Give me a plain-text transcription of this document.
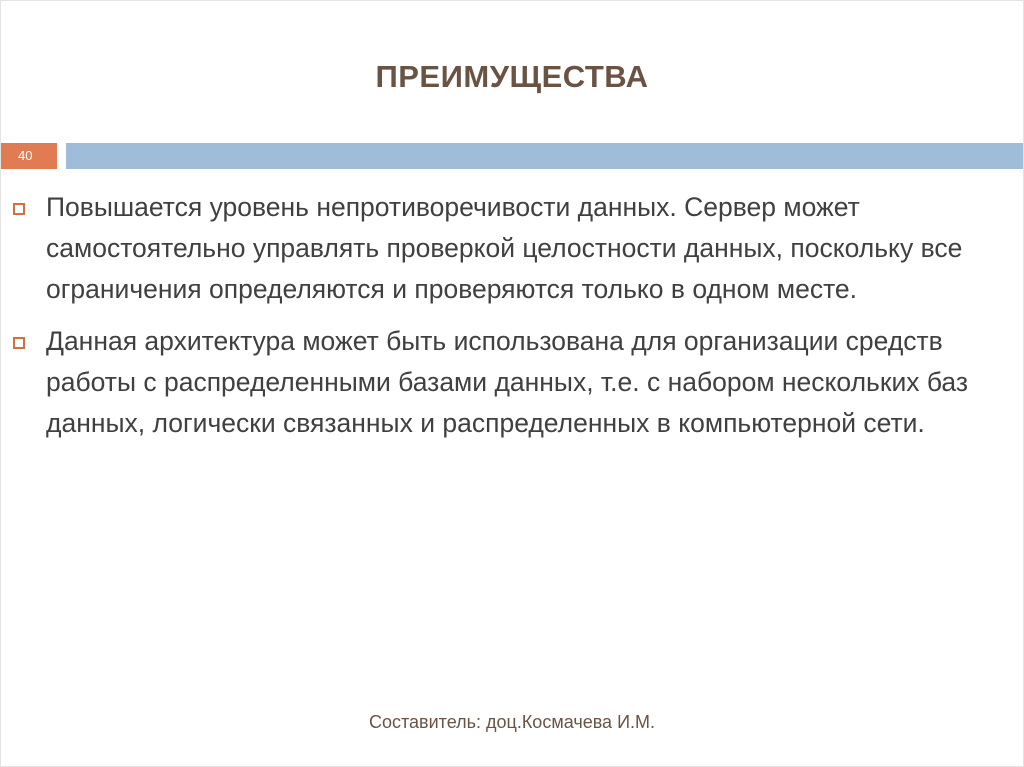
ПРЕИМУЩЕСТВА
40
Повышается уровень непротиворечивости данных. Сервер может самостоятельно управлять проверкой целостности данных, поскольку все ограничения определяются и проверяются только в одном месте.
Данная архитектура может быть использована для организации средств работы с распределенными базами данных, т.е. с набором нескольких баз данных, логически связанных и распределенных в компьютерной сети.
Составитель: доц.Космачева И.М.
